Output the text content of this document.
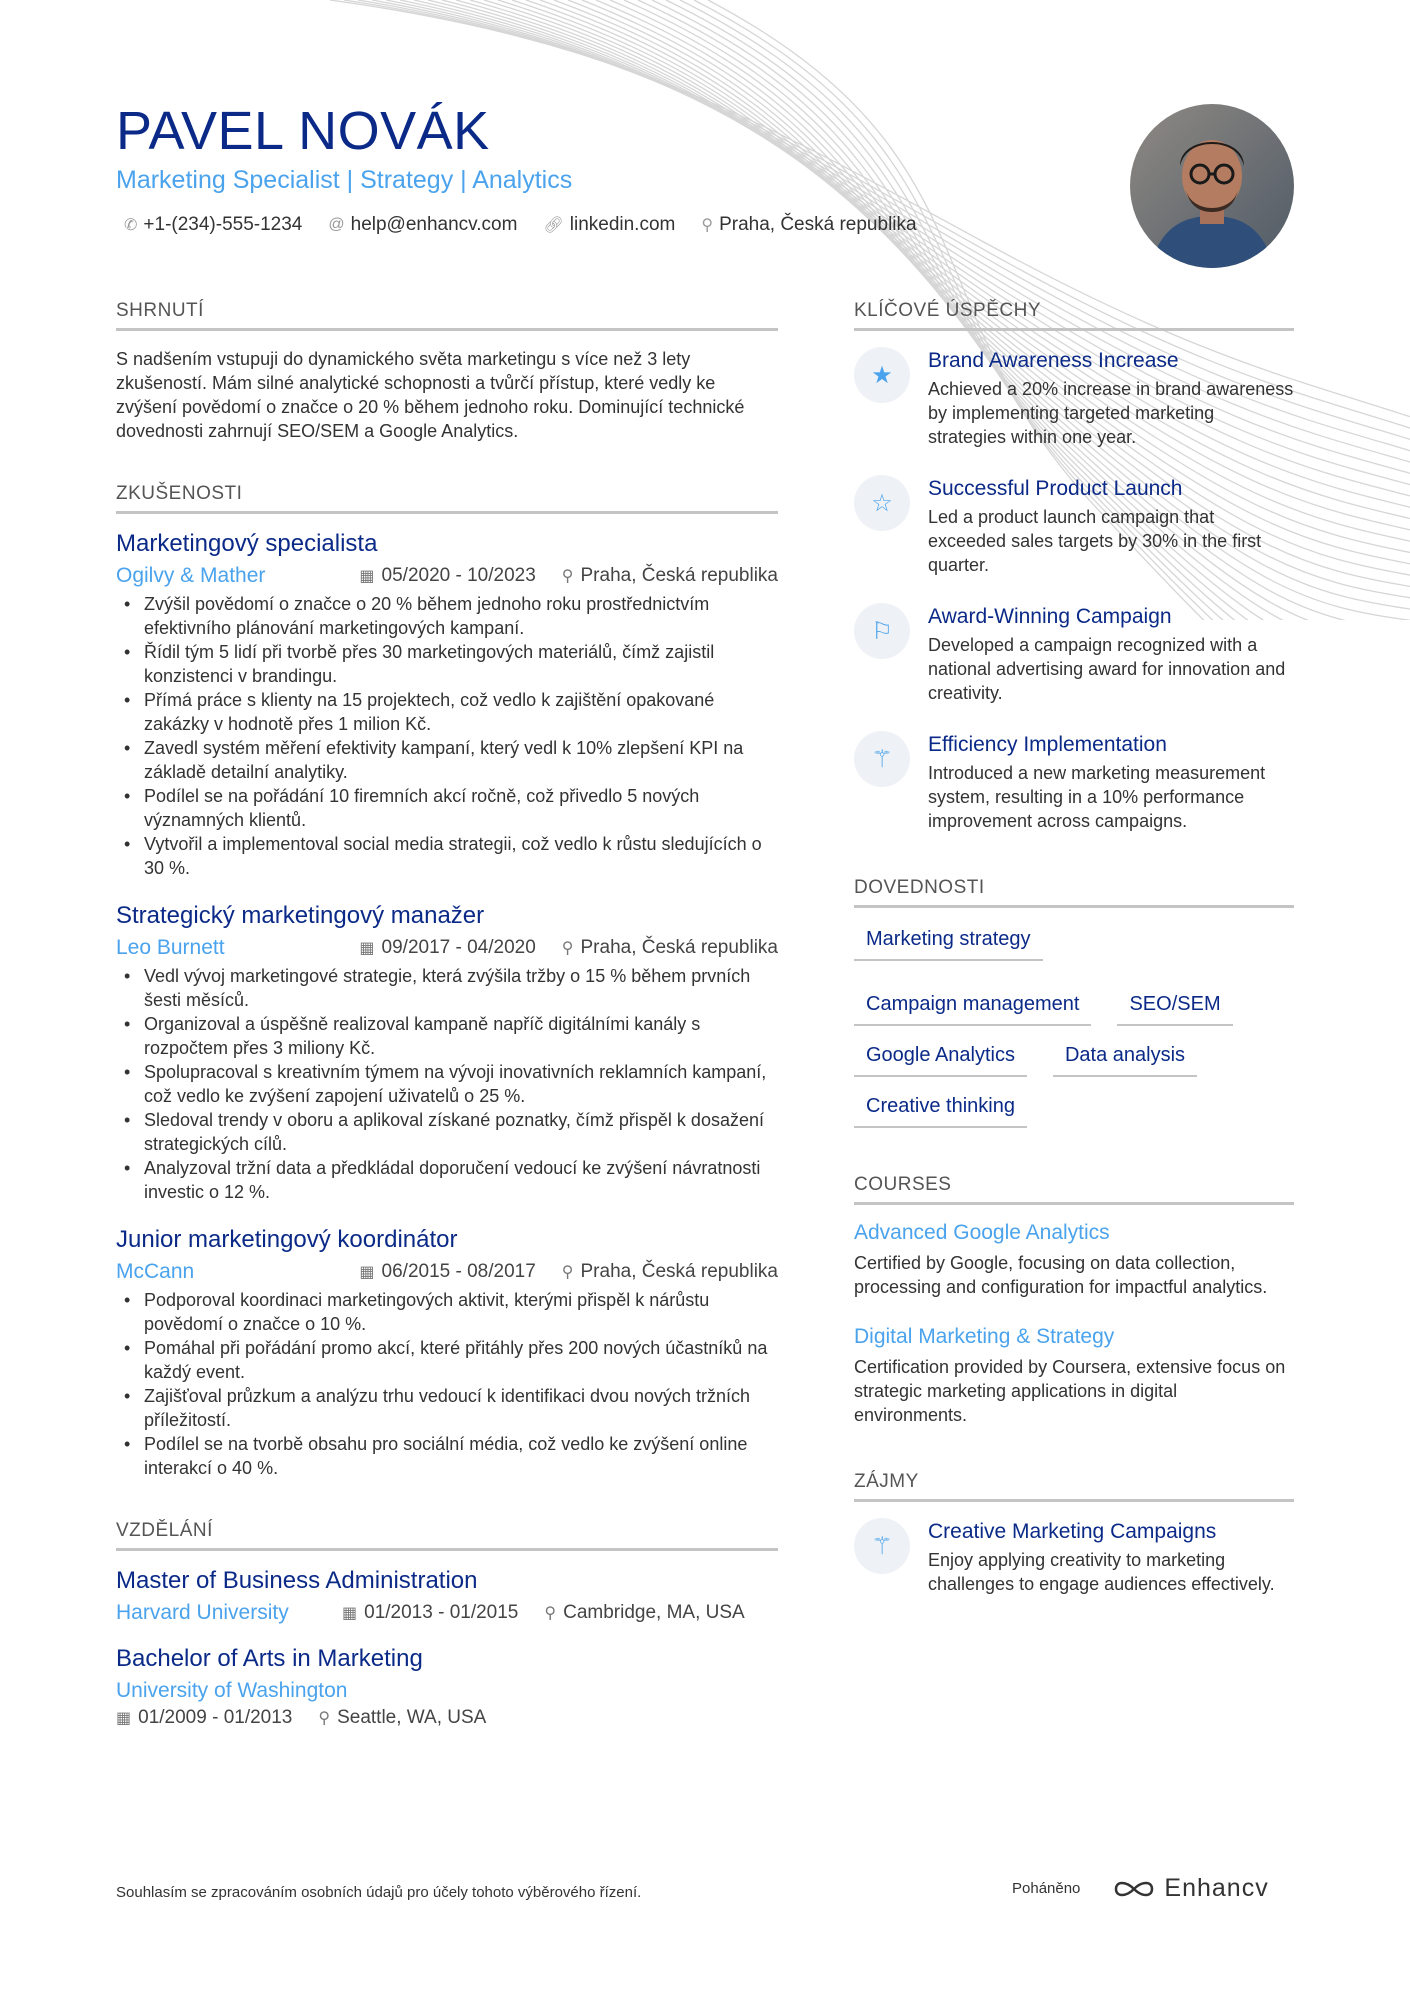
PAVEL NOVÁK
Marketing Specialist | Strategy | Analytics
✆ +1-(234)-555-1234 @ help@enhancv.com 🔗︎ linkedin.com ⚲ Praha, Česká republika
SHRNUTÍ
S nadšením vstupuji do dynamického světa marketingu s více než 3 lety zkušeností. Mám silné analytické schopnosti a tvůrčí přístup, které vedly ke zvýšení povědomí o značce o 20 % během jednoho roku. Dominující technické dovednosti zahrnují SEO/SEM a Google Analytics.
ZKUŠENOSTI
Marketingový specialista
Ogilvy & Mather	▦ 05/2020 - 10/2023 ⚲ Praha, Česká republika
• Zvýšil povědomí o značce o 20 % během jednoho roku prostřednictvím efektivního plánování marketingových kampaní.
• Řídil tým 5 lidí při tvorbě přes 30 marketingových materiálů, čímž zajistil konzistenci v brandingu.
• Přímá práce s klienty na 15 projektech, což vedlo k zajištění opakované zakázky v hodnotě přes 1 milion Kč.
• Zavedl systém měření efektivity kampaní, který vedl k 10% zlepšení KPI na základě detailní analytiky.
• Podílel se na pořádání 10 firemních akcí ročně, což přivedlo 5 nových významných klientů.
• Vytvořil a implementoval social media strategii, což vedlo k růstu sledujících o 30 %.
Strategický marketingový manažer
Leo Burnett	▦ 09/2017 - 04/2020 ⚲ Praha, Česká republika
• Vedl vývoj marketingové strategie, která zvýšila tržby o 15 % během prvních šesti měsíců.
• Organizoval a úspěšně realizoval kampaně napříč digitálními kanály s rozpočtem přes 3 miliony Kč.
• Spolupracoval s kreativním týmem na vývoji inovativních reklamních kampaní, což vedlo ke zvýšení zapojení uživatelů o 25 %.
• Sledoval trendy v oboru a aplikoval získané poznatky, čímž přispěl k dosažení strategických cílů.
• Analyzoval tržní data a předkládal doporučení vedoucí ke zvýšení návratnosti investic o 12 %.
Junior marketingový koordinátor
McCann	▦ 06/2015 - 08/2017 ⚲ Praha, Česká republika
• Podporoval koordinaci marketingových aktivit, kterými přispěl k nárůstu povědomí o značce o 10 %.
• Pomáhal při pořádání promo akcí, které přitáhly přes 200 nových účastníků na každý event.
• Zajišťoval průzkum a analýzu trhu vedoucí k identifikaci dvou nových tržních příležitostí.
• Podílel se na tvorbě obsahu pro sociální média, což vedlo ke zvýšení online interakcí o 40 %.
VZDĚLÁNÍ
Master of Business Administration
Harvard University	▦ 01/2013 - 01/2015 ⚲ Cambridge, MA, USA
Bachelor of Arts in Marketing
University of Washington
▦ 01/2009 - 01/2013 ⚲ Seattle, WA, USA
KLÍČOVÉ ÚSPĚCHY
★
Brand Awareness Increase
Achieved a 20% increase in brand awareness by implementing targeted marketing strategies within one year.
☆
Successful Product Launch
Led a product launch campaign that exceeded sales targets by 30% in the first quarter.
⚐
Award-Winning Campaign
Developed a campaign recognized with a national advertising award for innovation and creativity.
⚚
Efficiency Implementation
Introduced a new marketing measurement system, resulting in a 10% performance improvement across campaigns.
DOVEDNOSTI
Marketing strategy
Campaign management	SEO/SEM
Google Analytics	Data analysis
Creative thinking
COURSES
Advanced Google Analytics
Certified by Google, focusing on data collection, processing and configuration for impactful analytics.
Digital Marketing & Strategy
Certification provided by Coursera, extensive focus on strategic marketing applications in digital environments.
ZÁJMY
⚚
Creative Marketing Campaigns
Enjoy applying creativity to marketing challenges to engage audiences effectively.
Souhlasím se zpracováním osobních údajů pro účely tohoto výběrového řízení.	Poháněno	Enhancv
